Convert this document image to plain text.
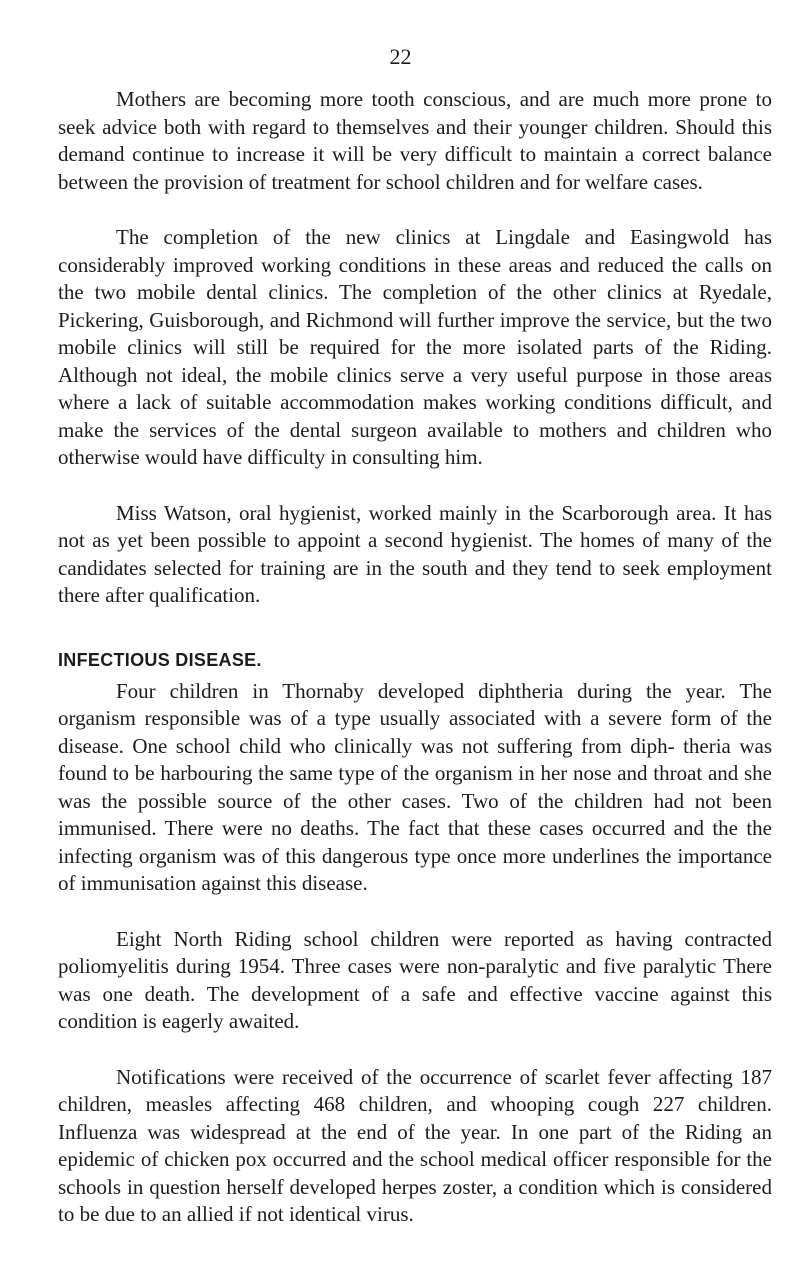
22

Mothers are becoming more tooth conscious, and are much more prone to seek advice both with regard to themselves and their younger children. Should this demand continue to increase it will be very difficult to maintain a correct balance between the provision of treatment for school children and for welfare cases.

The completion of the new clinics at Lingdale and Easingwold has considerably improved working conditions in these areas and reduced the calls on the two mobile dental clinics. The completion of the other clinics at Ryedale, Pickering, Guisborough, and Richmond will further improve the service, but the two mobile clinics will still be required for the more isolated parts of the Riding. Although not ideal, the mobile clinics serve a very useful purpose in those areas where a lack of suitable accommodation makes working conditions difficult, and make the services of the dental surgeon available to mothers and children who otherwise would have difficulty in consulting him.

Miss Watson, oral hygienist, worked mainly in the Scarborough area. It has not as yet been possible to appoint a second hygienist. The homes of many of the candidates selected for training are in the south and they tend to seek employment there after qualification.

INFECTIOUS DISEASE.

Four children in Thornaby developed diphtheria during the year. The organism responsible was of a type usually associated with a severe form of the disease. One school child who clinically was not suffering from diph- theria was found to be harbouring the same type of the organism in her nose and throat and she was the possible source of the other cases. Two of the children had not been immunised. There were no deaths. The fact that these cases occurred and the the infecting organism was of this dangerous type once more underlines the importance of immunisation against this disease.

Eight North Riding school children were reported as having contracted poliomyelitis during 1954. Three cases were non-paralytic and five paralytic There was one death. The development of a safe and effective vaccine against this condition is eagerly awaited.

Notifications were received of the occurrence of scarlet fever affecting 187 children, measles affecting 468 children, and whooping cough 227 children. Influenza was widespread at the end of the year. In one part of the Riding an epidemic of chicken pox occurred and the school medical officer responsible for the schools in question herself developed herpes zoster, a condition which is considered to be due to an allied if not identical virus.
